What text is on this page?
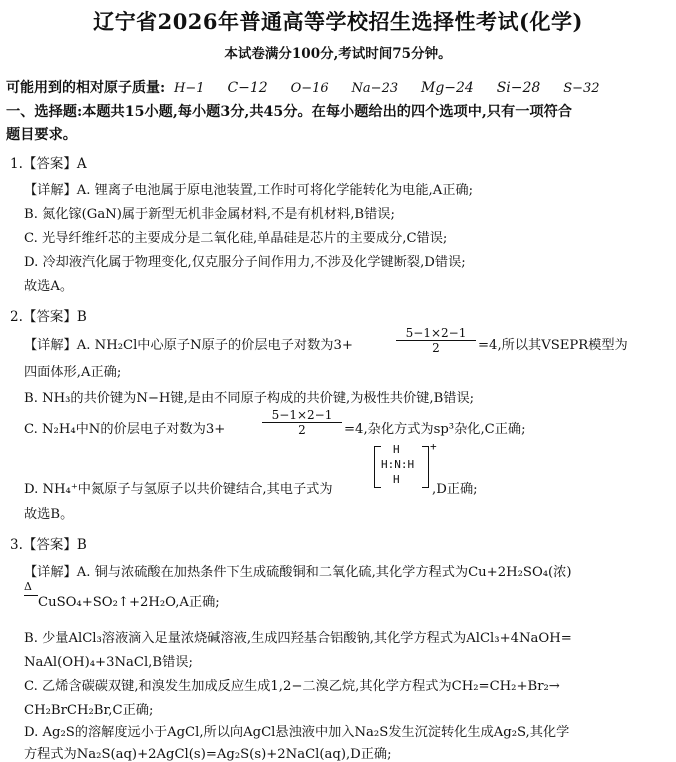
辽宁省2026年普通高等学校招生选择性考试(化学)
本试卷满分100分,考试时间75分钟。
可能用到的相对原子质量: H−1 C−12 O−16 Na−23 Mg−24 Si−28 S−32
一、选择题:本题共15小题,每小题3分,共45分。在每小题给出的四个选项中,只有一项符合
题目要求。
1.【答案】A
【详解】A. 锂离子电池属于原电池装置,工作时可将化学能转化为电能,A正确;
B. 氮化镓(GaN)属于新型无机非金属材料,不是有机材料,B错误;
C. 光导纤维纤芯的主要成分是二氧化硅,单晶硅是芯片的主要成分,C错误;
D. 冷却液汽化属于物理变化,仅克服分子间作用力,不涉及化学键断裂,D错误;
故选A。
2.【答案】B
【详解】A. NH₂Cl中心原子N原子的价层电子对数为3+	$\frac{5-1\times 2-1}{2} =4$,所以其VSEPR模型为
四面体形,A正确;
B. NH₃的共价键为N−H键,是由不同原子构成的共价键,为极性共价键,B错误;
C. N₂H₄中N的价层电子对数为3+	$\frac{5-1\times 2-1}{2} =4$,杂化方式为sp³杂化,C正确;
H
H:N:H
H
+
D. NH₄⁺中氮原子与氢原子以共价键结合,其电子式为	,D正确;
故选B。
3.【答案】B
【详解】A. 铜与浓硫酸在加热条件下生成硫酸铜和二氧化硫,其化学方程式为Cu+2H₂SO₄(浓)
Δ
CuSO₄+SO₂↑+2H₂O,A正确;
B. 少量AlCl₃溶液滴入足量浓烧碱溶液,生成四羟基合铝酸钠,其化学方程式为AlCl₃+4NaOH=
NaAl(OH)₄+3NaCl,B错误;
C. 乙烯含碳碳双键,和溴发生加成反应生成1,2−二溴乙烷,其化学方程式为CH₂=CH₂+Br₂→
CH₂BrCH₂Br,C正确;
D. Ag₂S的溶解度远小于AgCl,所以向AgCl悬浊液中加入Na₂S发生沉淀转化生成Ag₂S,其化学
方程式为Na₂S(aq)+2AgCl(s)=Ag₂S(s)+2NaCl(aq),D正确;
